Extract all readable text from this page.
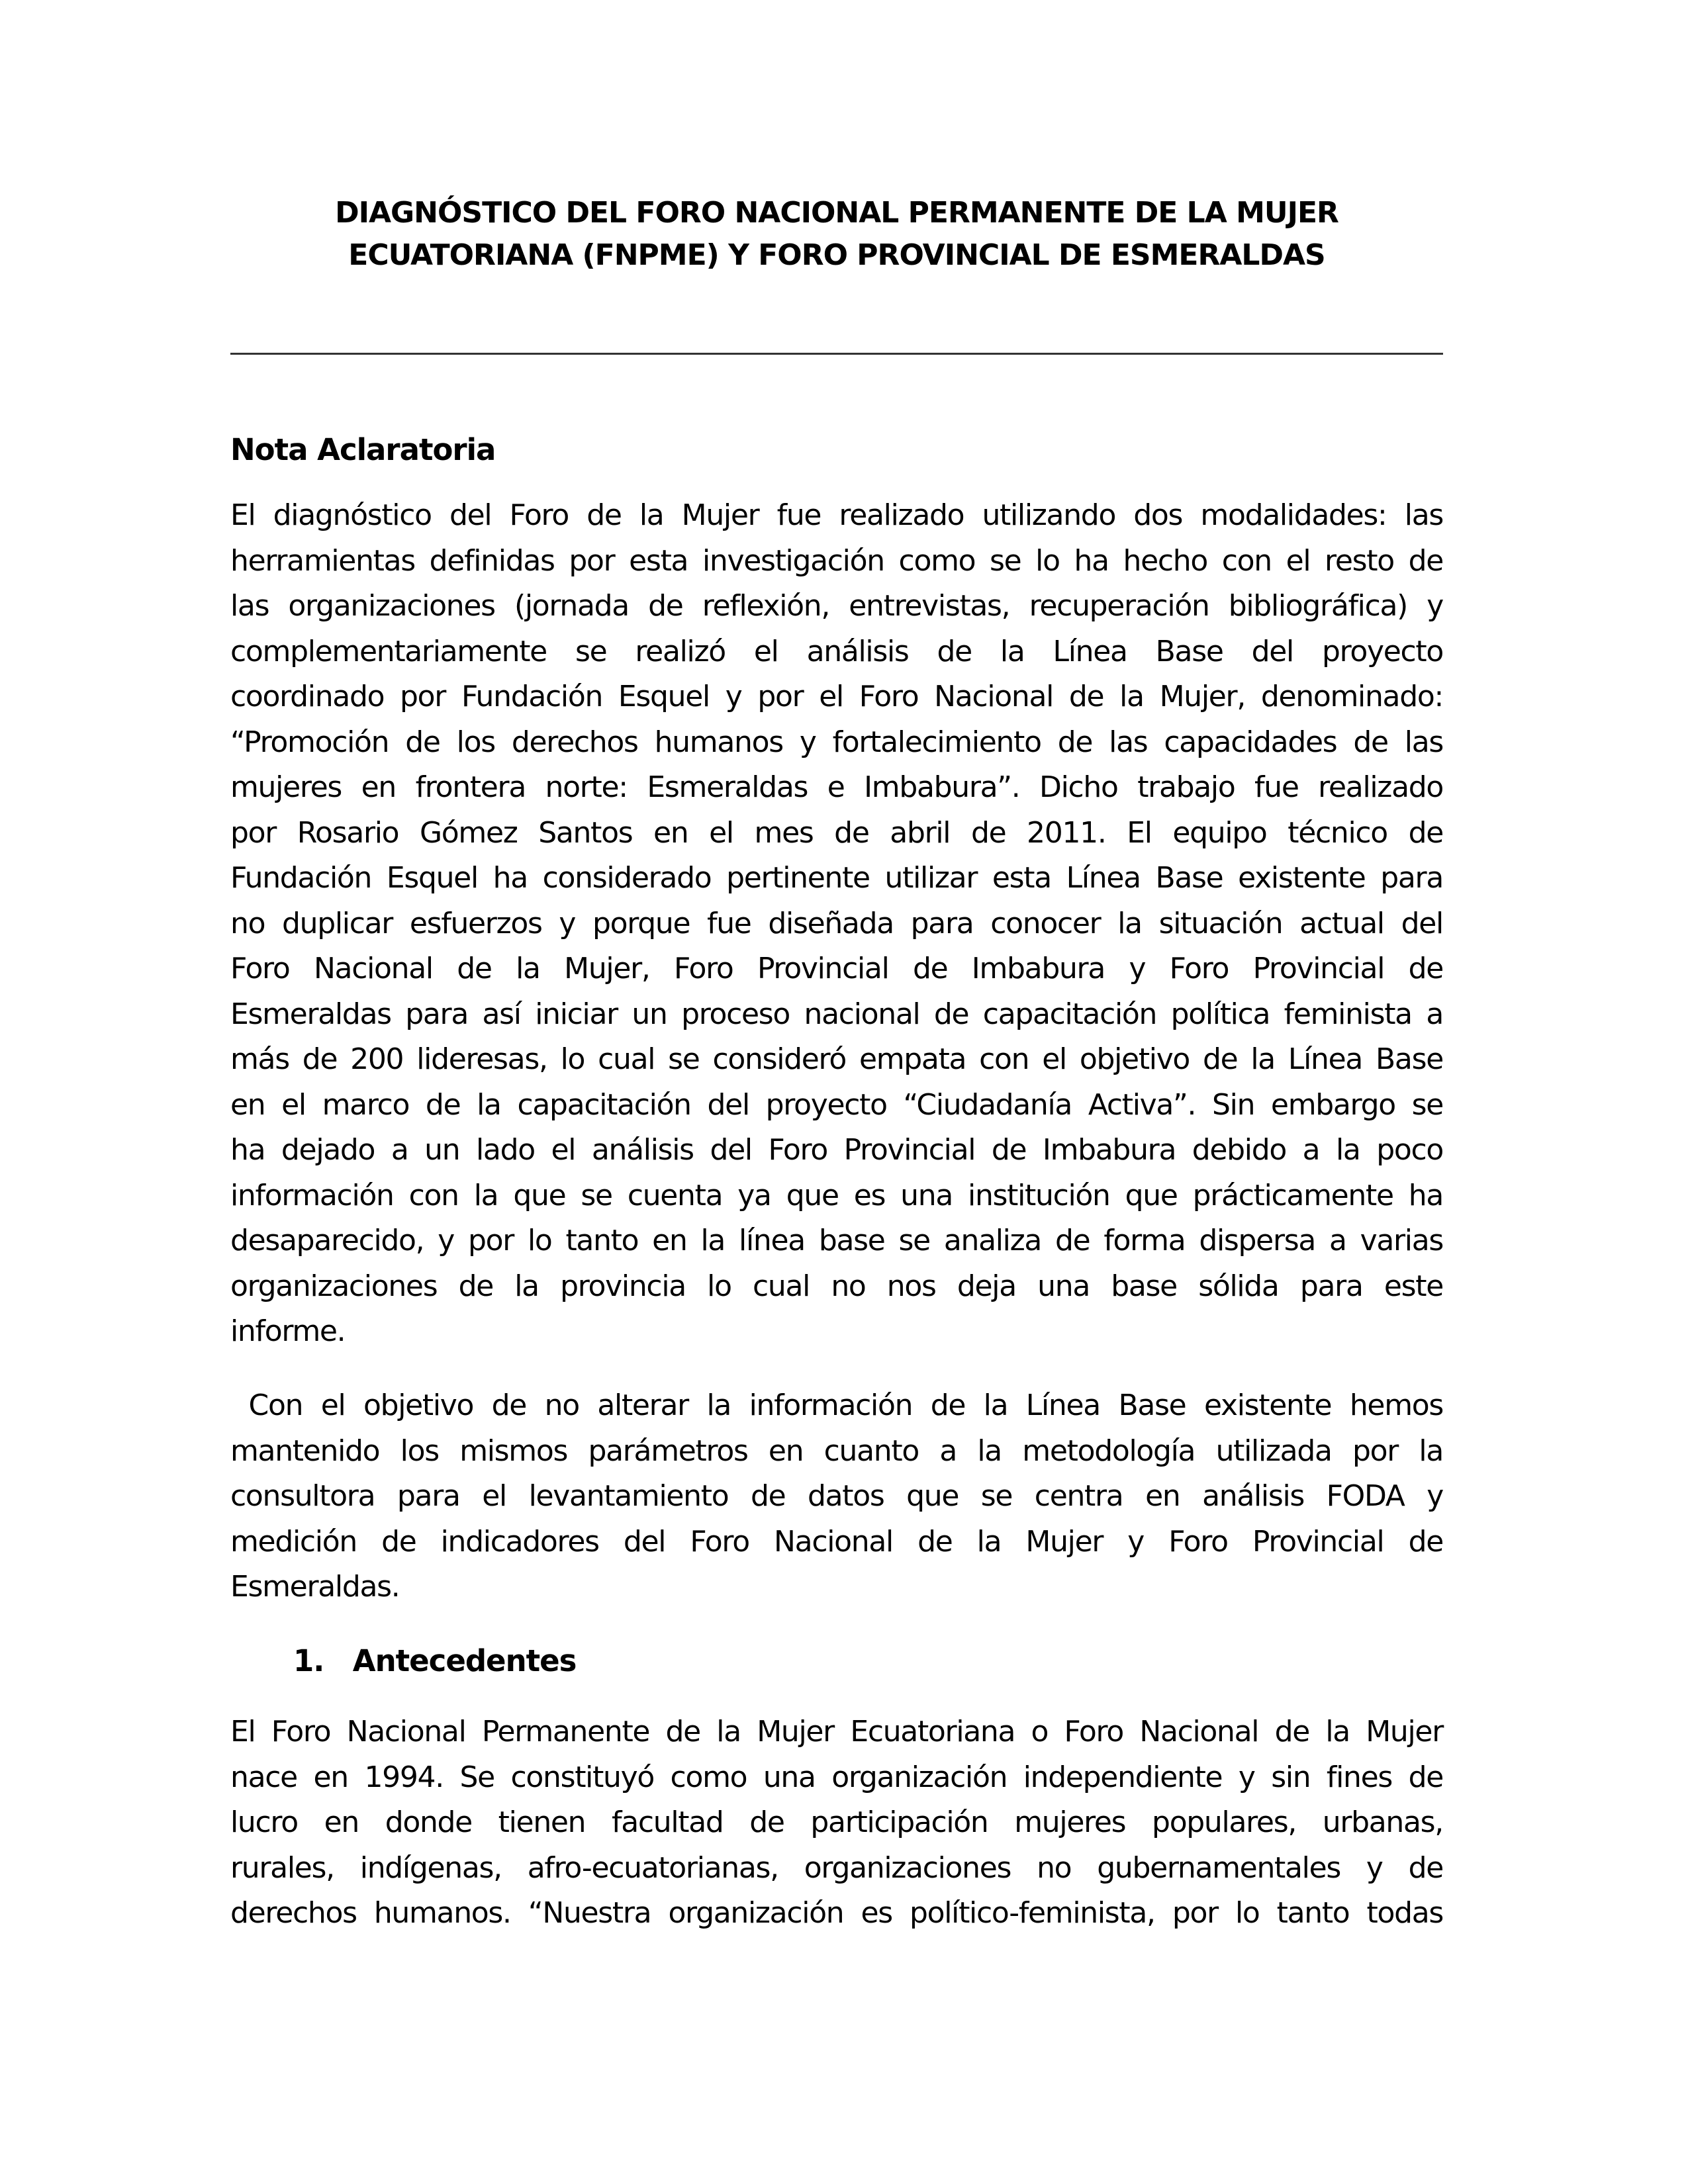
DIAGNÓSTICO DEL FORO NACIONAL PERMANENTE DE LA MUJER
ECUATORIANA (FNPME) Y FORO PROVINCIAL DE ESMERALDAS
Nota Aclaratoria
El diagnóstico del Foro de la Mujer fue realizado utilizando dos modalidades: las
herramientas definidas por esta investigación como se lo ha hecho con el resto de
las organizaciones (jornada de reflexión, entrevistas, recuperación bibliográfica) y
complementariamente se realizó el análisis de la Línea Base del proyecto
coordinado por Fundación Esquel y por el Foro Nacional de la Mujer, denominado:
“Promoción de los derechos humanos y fortalecimiento de las capacidades de las
mujeres en frontera norte: Esmeraldas e Imbabura”. Dicho trabajo fue realizado
por Rosario Gómez Santos en el mes de abril de 2011. El equipo técnico de
Fundación Esquel ha considerado pertinente utilizar esta Línea Base existente para
no duplicar esfuerzos y porque fue diseñada para conocer la situación actual del
Foro Nacional de la Mujer, Foro Provincial de Imbabura y Foro Provincial de
Esmeraldas para así iniciar un proceso nacional de capacitación política feminista a
más de 200 lideresas, lo cual se consideró empata con el objetivo de la Línea Base
en el marco de la capacitación del proyecto “Ciudadanía Activa”. Sin embargo se
ha dejado a un lado el análisis del Foro Provincial de Imbabura debido a la poco
información con la que se cuenta ya que es una institución que prácticamente ha
desaparecido, y por lo tanto en la línea base se analiza de forma dispersa a varias
organizaciones de la provincia lo cual no nos deja una base sólida para este
informe.
Con el objetivo de no alterar la información de la Línea Base existente hemos
mantenido los mismos parámetros en cuanto a la metodología utilizada por la
consultora para el levantamiento de datos que se centra en análisis FODA y
medición de indicadores del Foro Nacional de la Mujer y Foro Provincial de
Esmeraldas.
1. Antecedentes
El Foro Nacional Permanente de la Mujer Ecuatoriana o Foro Nacional de la Mujer
nace en 1994. Se constituyó como una organización independiente y sin fines de
lucro en donde tienen facultad de participación mujeres populares, urbanas,
rurales, indígenas, afro-ecuatorianas, organizaciones no gubernamentales y de
derechos humanos. “Nuestra organización es político-feminista, por lo tanto todas
